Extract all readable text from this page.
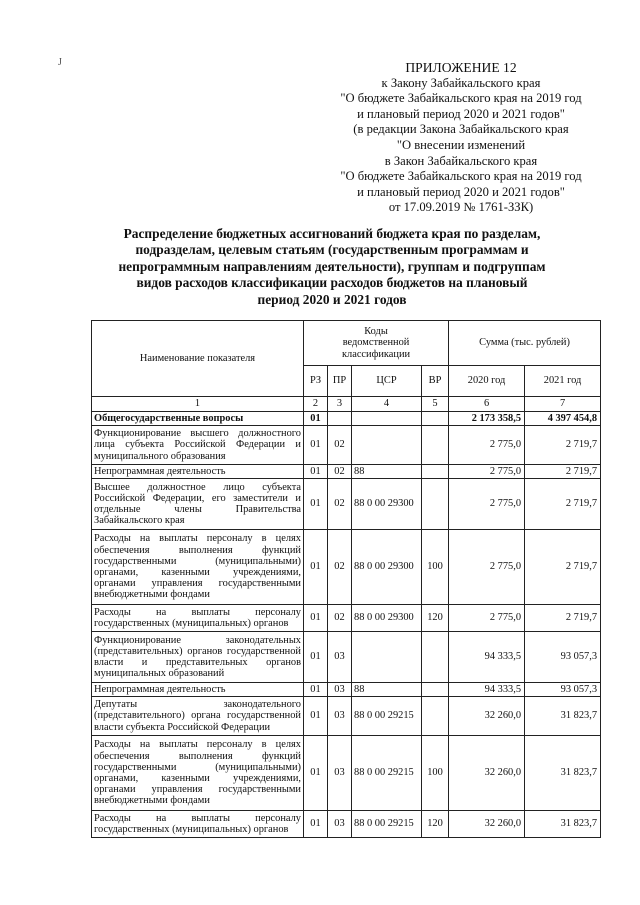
J	ПРИЛОЖЕНИЕ 12
к Закону Забайкальского края
"О бюджете Забайкальского края на 2019 год
и плановый период 2020 и 2021 годов"
(в редакции Закона Забайкальского края
"О внесении изменений
в Закон Забайкальского края
"О бюджете Забайкальского края на 2019 год
и плановый период 2020 и 2021 годов"
от 17.09.2019 № 1761-ЗЗК)
Распределение бюджетных ассигнований бюджета края по разделам,
подразделам, целевым статьям (государственным программам и
непрограммным направлениям деятельности), группам и подгруппам
видов расходов классификации расходов бюджетов на плановый
период 2020 и 2021 годов
Наименование показателя	Коды ведомственной классификации				Сумма (тыс. рублей)	
	РЗ	ПР	ЦСР	ВР	2020 год	2021 год
1	2	3	4	5	6	7
Общегосударственные вопросы	01				2 173 358,5	4 397 454,8
Функционирование высшего должностного лица субъекта Российской Федерации и муниципального образования	01	02			2 775,0	2 719,7
Непрограммная деятельность	01	02	88		2 775,0	2 719,7
Высшее должностное лицо субъекта Российской Федерации, его заместители и отдельные члены Правительства Забайкальского края	01	02	88 0 00 29300		2 775,0	2 719,7
Расходы на выплаты персоналу в целях обеспечения выполнения функций государственными (муниципальными) органами, казенными учреждениями, органами управления государственными внебюджетными фондами	01	02	88 0 00 29300	100	2 775,0	2 719,7
Расходы на выплаты персоналу государственных (муниципальных) органов	01	02	88 0 00 29300	120	2 775,0	2 719,7
Функционирование законодательных (представительных) органов государственной власти и представительных органов муниципальных образований	01	03			94 333,5	93 057,3
Непрограммная деятельность	01	03	88		94 333,5	93 057,3
Депутаты законодательного (представительного) органа государственной власти субъекта Российской Федерации	01	03	88 0 00 29215		32 260,0	31 823,7
Расходы на выплаты персоналу в целях обеспечения выполнения функций государственными (муниципальными) органами, казенными учреждениями, органами управления государственными внебюджетными фондами	01	03	88 0 00 29215	100	32 260,0	31 823,7
Расходы на выплаты персоналу государственных (муниципальных) органов	01	03	88 0 00 29215	120	32 260,0	31 823,7
